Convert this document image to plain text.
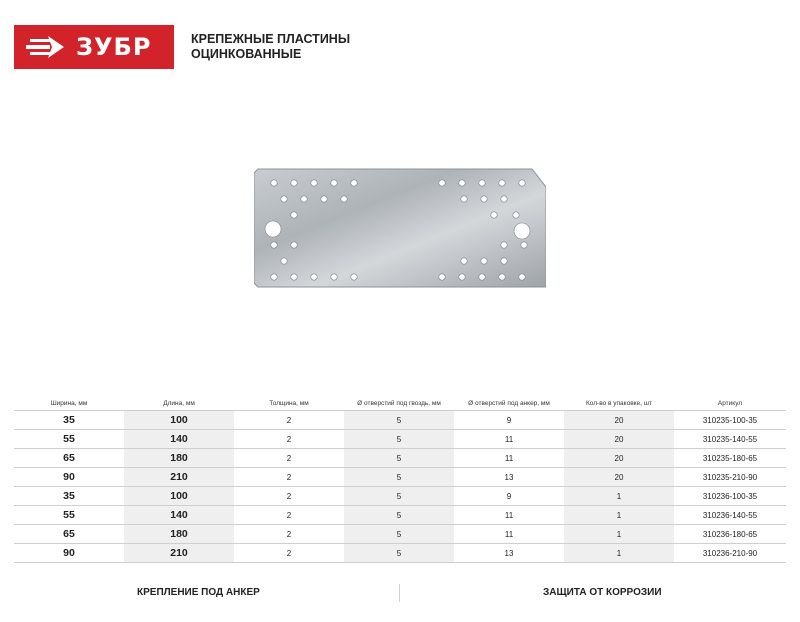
ЗУБР	КРЕПЕЖНЫЕ ПЛАСТИНЫ
ОЦИНКОВАННЫЕ
Ширина, мм	Длина, мм	Толщина, мм	Ø отверстий под гвоздь, мм	Ø отверстий под анкер, мм	Кол-во в упаковке, шт	Артикул
35	100	2	5	9	20	310235-100-35
55	140	2	5	11	20	310235-140-55
65	180	2	5	11	20	310235-180-65
90	210	2	5	13	20	310235-210-90
35	100	2	5	9	1	310236-100-35
55	140	2	5	11	1	310236-140-55
65	180	2	5	11	1	310236-180-65
90	210	2	5	13	1	310236-210-90
КРЕПЛЕНИЕ ПОД АНКЕР	ЗАЩИТА ОТ КОРРОЗИИ
